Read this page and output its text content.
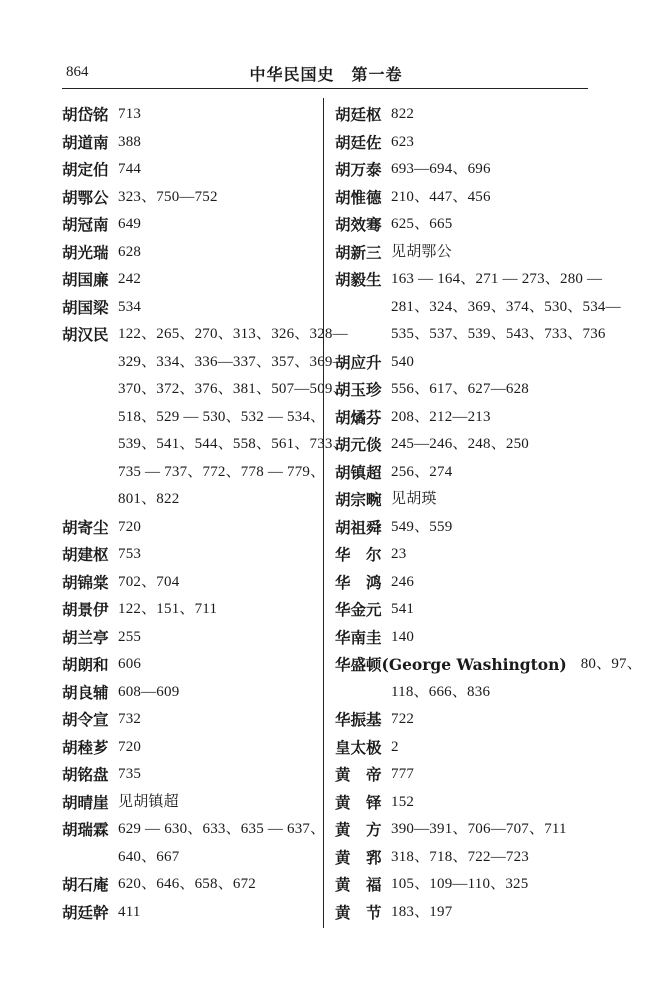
864	中华民国史　第一卷
胡岱铭 713
胡道南 388
胡定伯 744
胡鄂公 323、750—752
胡冠南 649
胡光瑞 628
胡国廉 242
胡国梁 534
胡汉民 122、265、270、313、326、328—
329、334、336—337、357、369—
370、372、376、381、507—509、
518、529 — 530、532 — 534、
539、541、544、558、561、733、
735 — 737、772、778 — 779、
801、822
胡寄尘 720
胡建枢 753
胡锦棠 702、704
胡景伊 122、151、711
胡兰亭 255
胡朗和 606
胡良辅 608—609
胡令宣 732
胡稑芗 720
胡铭盘 735
胡晴崖 见胡镇超
胡瑞霖 629 — 630、633、635 — 637、
640、667
胡石庵 620、646、658、672
胡廷幹 411
胡廷枢 822
胡廷佐 623
胡万泰 693—694、696
胡惟德 210、447、456
胡效骞 625、665
胡新三 见胡鄂公
胡毅生 163 — 164、271 — 273、280 —
281、324、369、374、530、534—
535、537、539、543、733、736
胡应升 540
胡玉珍 556、617、627—628
胡燏芬 208、212—213
胡元倓 245—246、248、250
胡镇超 256、274
胡宗畹 见胡瑛
胡祖舜 549、559
华　尔 23
华　鸿 246
华金元 541
华南圭 140
华盛顿(George Washington) 80、97、
118、666、836
华振基 722
皇太极 2
黄　帝 777
黄　铎 152
黄　方 390—391、706—707、711
黄　郛 318、718、722—723
黄　福 105、109—110、325
黄　节 183、197
